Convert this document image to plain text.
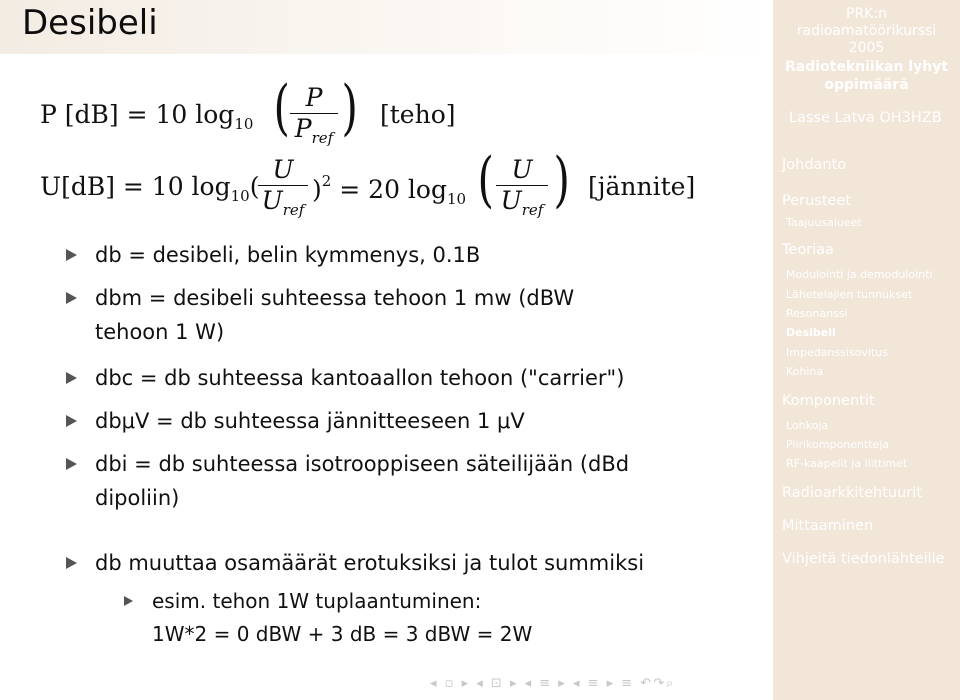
Desibeli
P [dB] = 10 $\log_{10}$ ( P
$P_{ref}$ ) [teho]
U[dB] = 10 $\log_{10}$(
U
$U_{ref}$
)$^2$ = 20 $\log_{10}$ ( U
$U_{ref}$ ) [jännite]
db = desibeli, belin kymmenys, 0.1B
dbm = desibeli suhteessa tehoon 1 mw (dBW
tehoon 1 W)
dbc = db suhteessa kantoaallon tehoon ("carrier")
dbμV = db suhteessa jännitteeseen 1 μV
dbi = db suhteessa isotrooppiseen säteilijään (dBd
dipoliin)
db muuttaa osamäärät erotuksiksi ja tulot summiksi
esim. tehon 1W tuplaantuminen:
1W*2 = 0 dBW + 3 dB = 3 dBW = 2W
◂ ▫ ▸ ◂ ⊡ ▸ ◂ ≡ ▸ ◂ ≡ ▸ ≡ ↶↷⌕
PRK:n
radioamatöörikurssi
2005
Radiotekniikan lyhyt
oppimäärä
Lasse Latva OH3HZB
Johdanto
Perusteet
Taajuusalueet
Teoriaa
Modulointi ja demodulointi
Lähetelajien tunnukset
Resonanssi
Desibeli
Impedanssisovitus
Kohina
Komponentit
Lohkoja
Piirikomponentteja
RF-kaapelit ja liittimet
Radioarkkitehtuurit
Mittaaminen
Vihjeitä tiedonlähteille
